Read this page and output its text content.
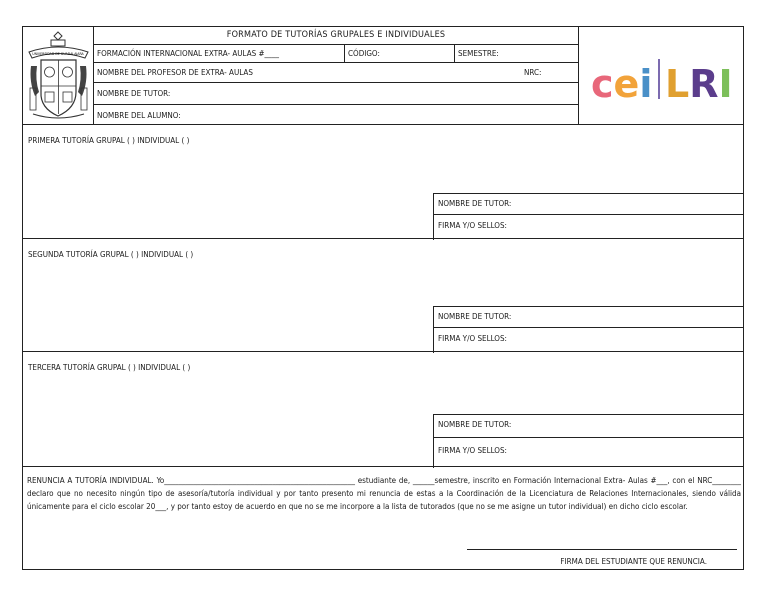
UNIVERSIDAD DE GUADALAJARA
FORMATO DE TUTORÍAS GRUPALES E INDIVIDUALES
FORMACIÓN INTERNACIONAL EXTRA- AULAS #____	CÓDIGO:	SEMESTRE:
NOMBRE DEL PROFESOR DE EXTRA- AULAS	NRC:
NOMBRE DE TUTOR:
NOMBRE DEL ALUMNO:
cei LRI
PRIMERA TUTORÍA GRUPAL ( ) INDIVIDUAL ( )
NOMBRE DE TUTOR:
FIRMA Y/O SELLOS:
SEGUNDA TUTORÍA GRUPAL ( ) INDIVIDUAL ( )
NOMBRE DE TUTOR:
FIRMA Y/O SELLOS:
TERCERA TUTORÍA GRUPAL ( ) INDIVIDUAL ( )
NOMBRE DE TUTOR:
FIRMA Y/O SELLOS:

RENUNCIA A TUTORÍA INDIVIDUAL. Yo_____________________________________________________ estudiante de, ______semestre, inscrito en Formación Internacional Extra- Aulas #___, con el NRC________ declaro que no necesito ningún tipo de asesoría/tutoría individual y por tanto presento mi renuncia de estas a la Coordinación de la Licenciatura de Relaciones Internacionales, siendo válida únicamente para el ciclo escolar 20___, y por tanto estoy de acuerdo en que no se me incorpore a la lista de tutorados (que no se me asigne un tutor individual) en dicho ciclo escolar.

FIRMA DEL ESTUDIANTE QUE RENUNCIA.
